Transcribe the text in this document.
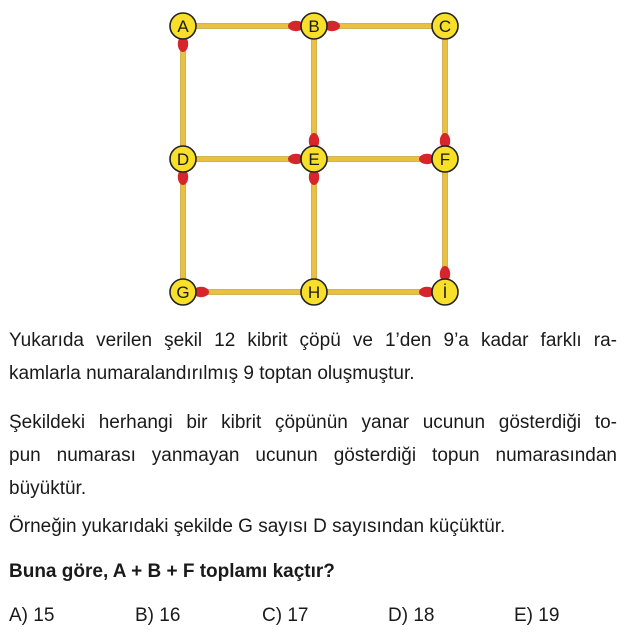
A	B	C
D	E	F
G	H	İ

Yukarıda verilen şekil 12 kibrit çöpü ve 1’den 9’a kadar farklı ra-
kamlarla numaralandırılmış 9 toptan oluşmuştur.

Şekildeki herhangi bir kibrit çöpünün yanar ucunun gösterdiği to-
pun numarası yanmayan ucunun gösterdiği topun numarasından
büyüktür.

Örneğin yukarıdaki şekilde G sayısı D sayısından küçüktür.

Buna göre, A + B + F toplamı kaçtır?

A) 15	B) 16	C) 17	D) 18	E) 19
